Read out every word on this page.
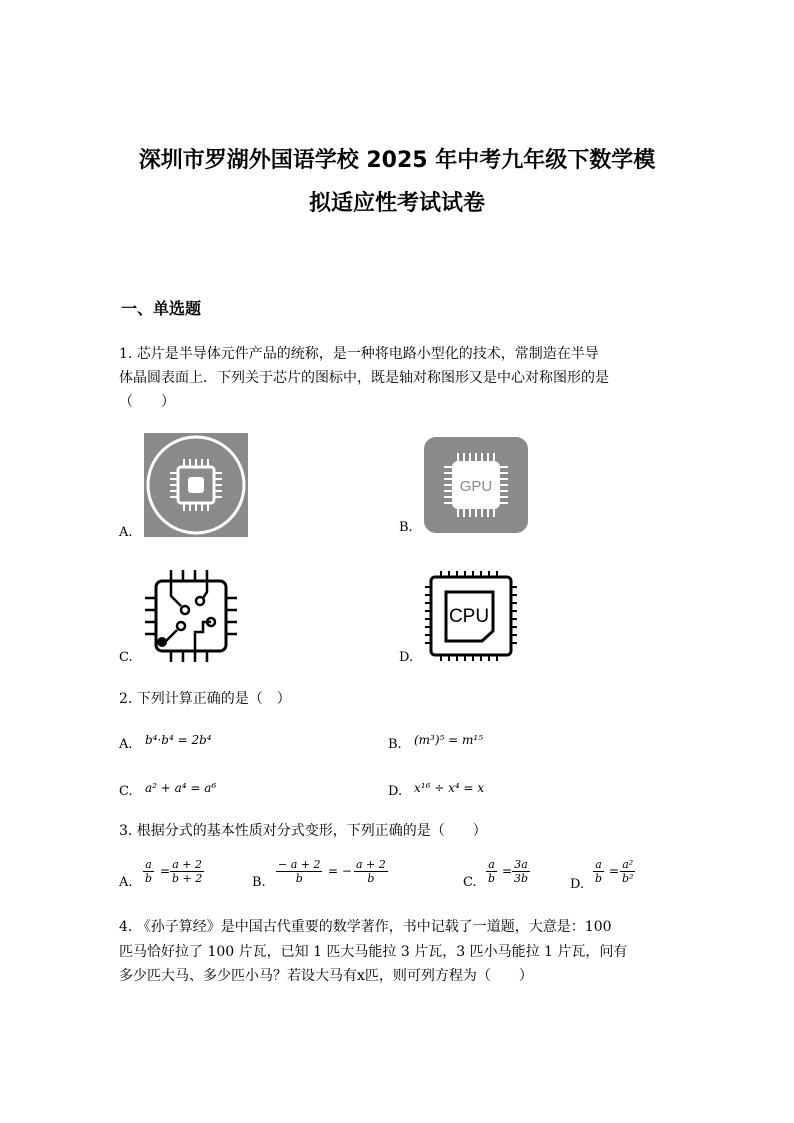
深圳市罗湖外国语学校 2025 年中考九年级下数学模
拟适应性考试试卷
一、单选题
1. 芯片是半导体元件产品的统称，是一种将电路小型化的技术，常制造在半导
体晶圆表面上．下列关于芯片的图标中，既是轴对称图形又是中心对称图形的是
（　　）
A.
GPU
B.
C.
CPU
D.
2. 下列计算正确的是（　）
A. b⁴·b⁴ = 2b⁴	B. (m³)⁵ = m¹⁵
C. a² + a⁴ = a⁶	D. x¹⁶ ÷ x⁴ = x
3. 根据分式的基本性质对分式变形，下列正确的是（　　）
A. $\frac{a}{b} = \frac{a + 2}{b + 2}$	B. $\frac{- a + 2}{b}$ = − $\frac{a + 2}{b}$	C. $\frac{a}{b} = \frac{3a}{3b}$	D. $\frac{a}{b} = \frac{\text{a²}}{\text{b²}}$
4. 《孙子算经》是中国古代重要的数学著作，书中记载了一道题，大意是：100
匹马恰好拉了 100 片瓦，已知 1 匹大马能拉 3 片瓦，3 匹小马能拉 1 片瓦，问有
多少匹大马、多少匹小马？若设大马有x匹，则可列方程为（　　）
